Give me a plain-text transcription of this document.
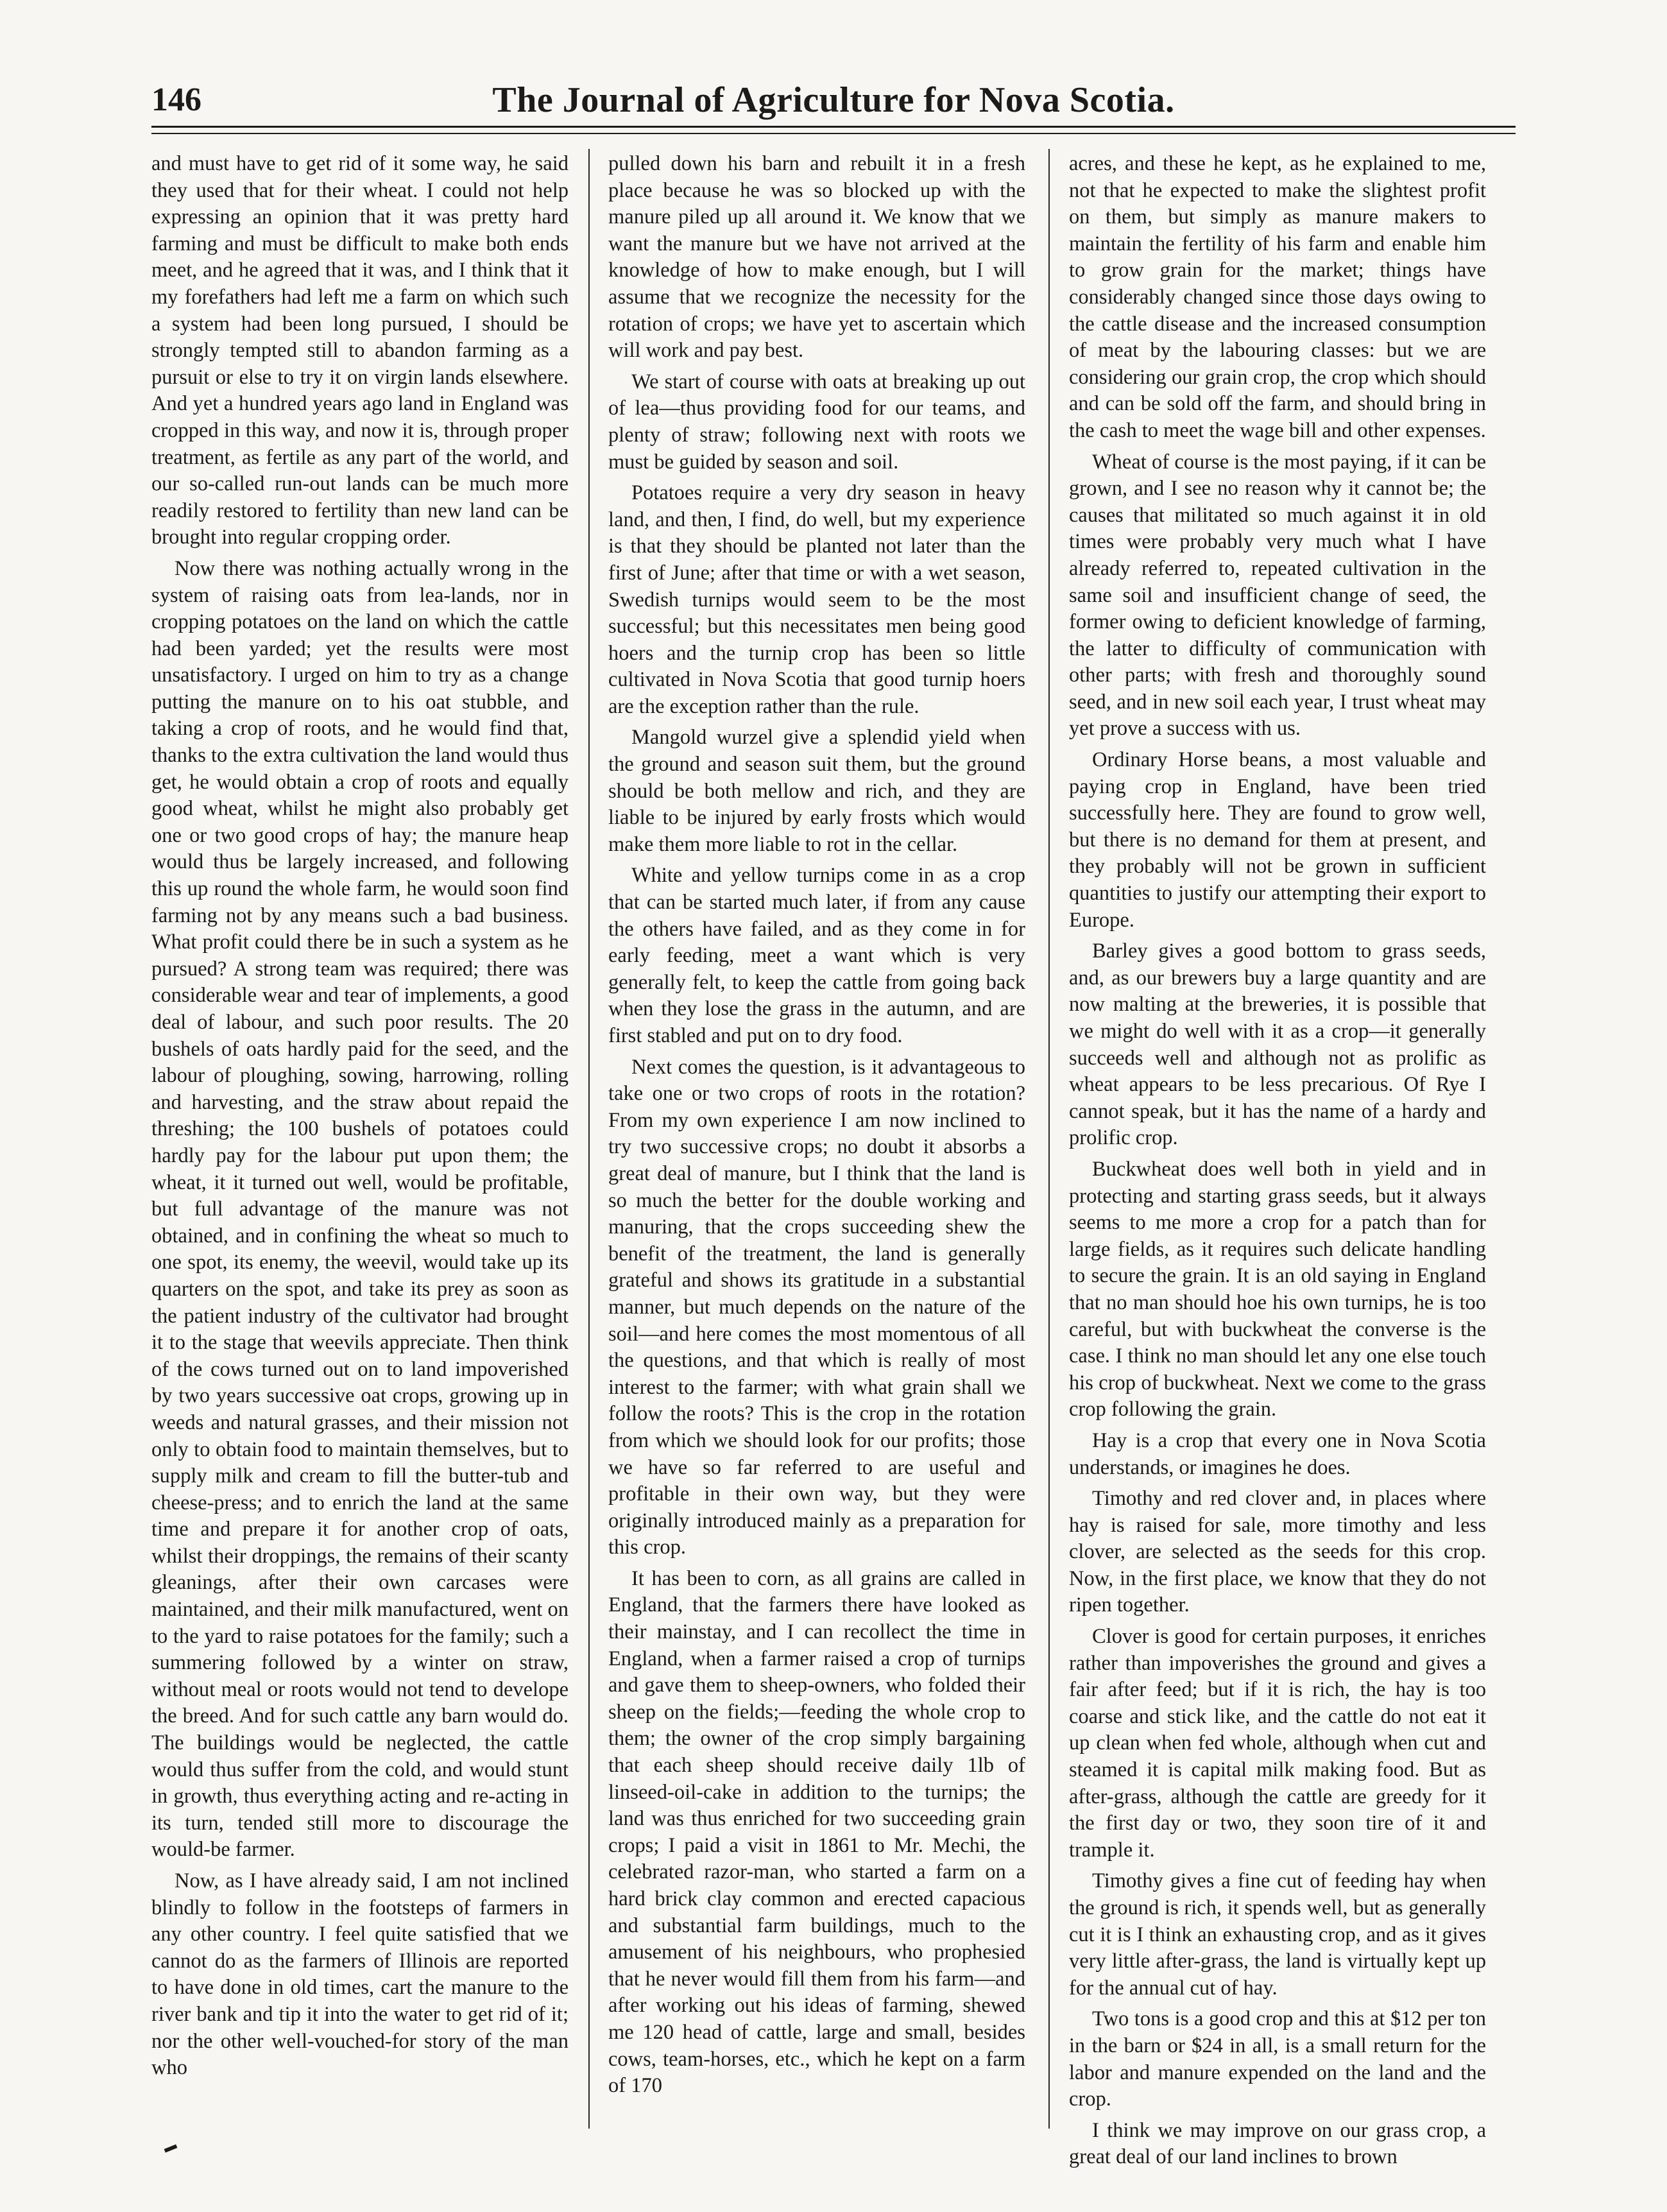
146	The Journal of Agriculture for Nova Scotia.

and must have to get rid of it some way, he said they used that for their wheat. I could not help expressing an opinion that it was pretty hard farming and must be difficult to make both ends meet, and he agreed that it was, and I think that it my forefathers had left me a farm on which such a system had been long pursued, I should be strongly tempted still to abandon farming as a pursuit or else to try it on virgin lands elsewhere. And yet a hundred years ago land in England was cropped in this way, and now it is, through proper treatment, as fertile as any part of the world, and our so-called run-out lands can be much more readily restored to fertility than new land can be brought into regular cropping order.

Now there was nothing actually wrong in the system of raising oats from lea-lands, nor in cropping potatoes on the land on which the cattle had been yarded; yet the results were most unsatisfactory. I urged on him to try as a change putting the manure on to his oat stubble, and taking a crop of roots, and he would find that, thanks to the extra cultivation the land would thus get, he would obtain a crop of roots and equally good wheat, whilst he might also probably get one or two good crops of hay; the manure heap would thus be largely increased, and following this up round the whole farm, he would soon find farming not by any means such a bad business. What profit could there be in such a system as he pursued? A strong team was required; there was considerable wear and tear of implements, a good deal of labour, and such poor results. The 20 bushels of oats hardly paid for the seed, and the labour of ploughing, sowing, harrowing, rolling and harvesting, and the straw about repaid the threshing; the 100 bushels of potatoes could hardly pay for the labour put upon them; the wheat, it it turned out well, would be profitable, but full advantage of the manure was not obtained, and in confining the wheat so much to one spot, its enemy, the weevil, would take up its quarters on the spot, and take its prey as soon as the patient industry of the cultivator had brought it to the stage that weevils appreciate. Then think of the cows turned out on to land impoverished by two years successive oat crops, growing up in weeds and natural grasses, and their mission not only to obtain food to maintain themselves, but to supply milk and cream to fill the butter-tub and cheese-press; and to enrich the land at the same time and prepare it for another crop of oats, whilst their droppings, the remains of their scanty gleanings, after their own carcases were maintained, and their milk manufactured, went on to the yard to raise potatoes for the family; such a summering followed by a winter on straw, without meal or roots would not tend to develope the breed. And for such cattle any barn would do. The buildings would be neglected, the cattle would thus suffer from the cold, and would stunt in growth, thus everything acting and re-acting in its turn, tended still more to discourage the would-be farmer.

Now, as I have already said, I am not inclined blindly to follow in the footsteps of farmers in any other country. I feel quite satisfied that we cannot do as the farmers of Illinois are reported to have done in old times, cart the manure to the river bank and tip it into the water to get rid of it; nor the other well-vouched-for story of the man who

pulled down his barn and rebuilt it in a fresh place because he was so blocked up with the manure piled up all around it. We know that we want the manure but we have not arrived at the knowledge of how to make enough, but I will assume that we recognize the necessity for the rotation of crops; we have yet to ascertain which will work and pay best.

We start of course with oats at breaking up out of lea—thus providing food for our teams, and plenty of straw; following next with roots we must be guided by season and soil.

Potatoes require a very dry season in heavy land, and then, I find, do well, but my experience is that they should be planted not later than the first of June; after that time or with a wet season, Swedish turnips would seem to be the most successful; but this necessitates men being good hoers and the turnip crop has been so little cultivated in Nova Scotia that good turnip hoers are the exception rather than the rule.

Mangold wurzel give a splendid yield when the ground and season suit them, but the ground should be both mellow and rich, and they are liable to be injured by early frosts which would make them more liable to rot in the cellar.

White and yellow turnips come in as a crop that can be started much later, if from any cause the others have failed, and as they come in for early feeding, meet a want which is very generally felt, to keep the cattle from going back when they lose the grass in the autumn, and are first stabled and put on to dry food.

Next comes the question, is it advantageous to take one or two crops of roots in the rotation? From my own experience I am now inclined to try two successive crops; no doubt it absorbs a great deal of manure, but I think that the land is so much the better for the double working and manuring, that the crops succeeding shew the benefit of the treatment, the land is generally grateful and shows its gratitude in a substantial manner, but much depends on the nature of the soil—and here comes the most momentous of all the questions, and that which is really of most interest to the farmer; with what grain shall we follow the roots? This is the crop in the rotation from which we should look for our profits; those we have so far referred to are useful and profitable in their own way, but they were originally introduced mainly as a preparation for this crop.

It has been to corn, as all grains are called in England, that the farmers there have looked as their mainstay, and I can recollect the time in England, when a farmer raised a crop of turnips and gave them to sheep-owners, who folded their sheep on the fields;—feeding the whole crop to them; the owner of the crop simply bargaining that each sheep should receive daily 1lb of linseed-oil-cake in addition to the turnips; the land was thus enriched for two succeeding grain crops; I paid a visit in 1861 to Mr. Mechi, the celebrated razor-man, who started a farm on a hard brick clay common and erected capacious and substantial farm buildings, much to the amusement of his neighbours, who prophesied that he never would fill them from his farm—and after working out his ideas of farming, shewed me 120 head of cattle, large and small, besides cows, team-horses, etc., which he kept on a farm of 170

acres, and these he kept, as he explained to me, not that he expected to make the slightest profit on them, but simply as manure makers to maintain the fertility of his farm and enable him to grow grain for the market; things have considerably changed since those days owing to the cattle disease and the increased consumption of meat by the labouring classes: but we are considering our grain crop, the crop which should and can be sold off the farm, and should bring in the cash to meet the wage bill and other expenses.

Wheat of course is the most paying, if it can be grown, and I see no reason why it cannot be; the causes that militated so much against it in old times were probably very much what I have already referred to, repeated cultivation in the same soil and insufficient change of seed, the former owing to deficient knowledge of farming, the latter to difficulty of communication with other parts; with fresh and thoroughly sound seed, and in new soil each year, I trust wheat may yet prove a success with us.

Ordinary Horse beans, a most valuable and paying crop in England, have been tried successfully here. They are found to grow well, but there is no demand for them at present, and they probably will not be grown in sufficient quantities to justify our attempting their export to Europe.

Barley gives a good bottom to grass seeds, and, as our brewers buy a large quantity and are now malting at the breweries, it is possible that we might do well with it as a crop—it generally succeeds well and although not as prolific as wheat appears to be less precarious. Of Rye I cannot speak, but it has the name of a hardy and prolific crop.

Buckwheat does well both in yield and in protecting and starting grass seeds, but it always seems to me more a crop for a patch than for large fields, as it requires such delicate handling to secure the grain. It is an old saying in England that no man should hoe his own turnips, he is too careful, but with buckwheat the converse is the case. I think no man should let any one else touch his crop of buckwheat. Next we come to the grass crop following the grain.

Hay is a crop that every one in Nova Scotia understands, or imagines he does.

Timothy and red clover and, in places where hay is raised for sale, more timothy and less clover, are selected as the seeds for this crop. Now, in the first place, we know that they do not ripen together.

Clover is good for certain purposes, it enriches rather than impoverishes the ground and gives a fair after feed; but if it is rich, the hay is too coarse and stick like, and the cattle do not eat it up clean when fed whole, although when cut and steamed it is capital milk making food. But as after-grass, although the cattle are greedy for it the first day or two, they soon tire of it and trample it.

Timothy gives a fine cut of feeding hay when the ground is rich, it spends well, but as generally cut it is I think an exhausting crop, and as it gives very little after-grass, the land is virtually kept up for the annual cut of hay.

Two tons is a good crop and this at $12 per ton in the barn or $24 in all, is a small return for the labor and manure expended on the land and the crop.

I think we may improve on our grass crop, a great deal of our land inclines to brown
